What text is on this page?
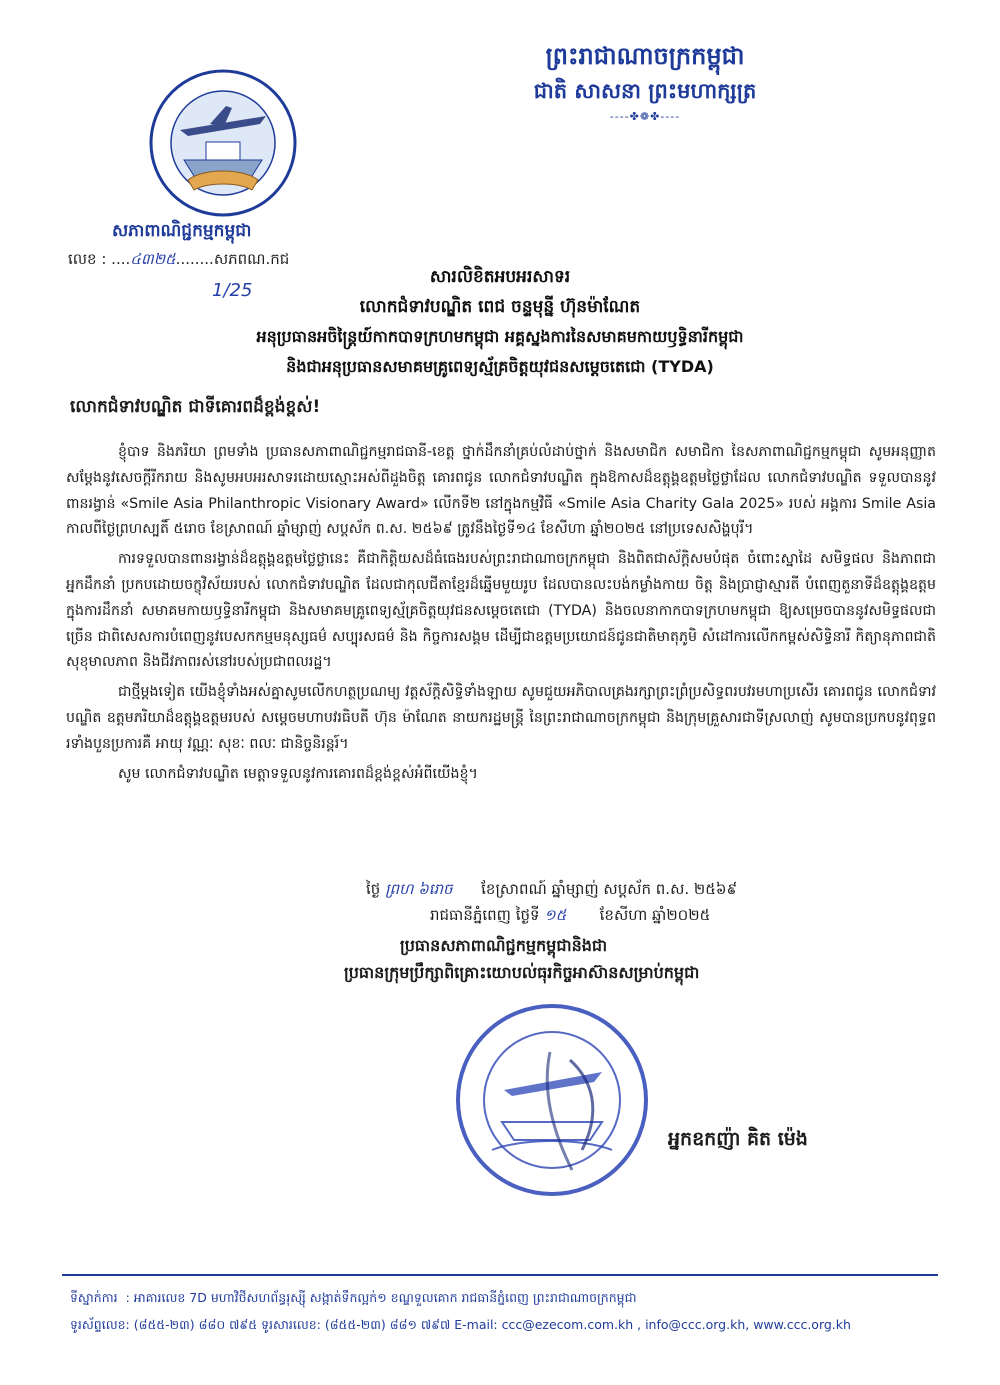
ព្រះរាជាណាចក្រកម្ពុជា
ជាតិ សាសនា ព្រះមហាក្សត្រ
----✤❁✤----
សភាពាណិជ្ជកម្មកម្ពុជា
លេខ : ....៤៣២៥........សភពណ.កជ
1/25
សារលិខិតអបអរសាទរ
លោកជំទាវបណ្ឌិត ពេជ ចន្ទមុន្នី ហ៊ុនម៉ាណែត
អនុប្រធានអចិន្ត្រៃយ៍កាកបាទក្រហមកម្ពុជា អគ្គស្នងការនៃសមាគមកាយឫទ្ធិនារីកម្ពុជា
និងជាអនុប្រធានសមាគមគ្រូពេទ្យស្ម័គ្រចិត្តយុវជនសម្តេចតេជោ (TYDA)
លោកជំទាវបណ្ឌិត ជាទីគោរពដ៏ខ្ពង់ខ្ពស់!

ខ្ញុំបាទ និងភរិយា ព្រមទាំង ប្រធានសភាពាណិជ្ជកម្មរាជធានី-ខេត្ត ថ្នាក់ដឹកនាំគ្រប់លំដាប់ថ្នាក់ និងសមាជិក សមាជិកា នៃសភាពាណិជ្ជកម្មកម្ពុជា សូមអនុញ្ញាតសម្តែងនូវសេចក្តីរីករាយ និងសូមអបអរសាទរដោយស្មោះអស់ពីដួងចិត្ត គោរពជូន លោកជំទាវបណ្ឌិត ក្នុងឱកាសដ៏ឧត្តុង្គឧត្តមថ្លៃថ្លាដែល លោកជំទាវបណ្ឌិត ទទួលបាននូវពានរង្វាន់ «Smile Asia Philanthropic Visionary Award» លើកទី២ នៅក្នុងកម្មវិធី «Smile Asia Charity Gala 2025» របស់ អង្គការ Smile Asia កាលពីថ្ងៃព្រហស្បតិ៍ ៥រោច ខែស្រាពណ៍ ឆ្នាំម្សាញ់ សប្តស័ក ព.ស. ២៥៦៩ ត្រូវនឹងថ្ងៃទី១៤ ខែសីហា ឆ្នាំ២០២៥ នៅប្រទេសសិង្ហបុរី។

ការទទួលបានពានរង្វាន់ដ៏ឧត្តុង្គឧត្តមថ្លៃថ្លានេះ គឺជាកិត្តិយសដ៏ធំធេងរបស់ព្រះរាជាណាចក្រកម្ពុជា និងពិតជាស័ក្តិសមបំផុត ចំពោះស្នាដៃ សមិទ្ធផល និងភាពជាអ្នកដឹកនាំ ប្រកបដោយចក្ខុវិស័យរបស់ លោកជំទាវបណ្ឌិត ដែលជាកុលជីតាខ្មែរដ៏ឆ្នើមមួយរូប ដែលបានលះបង់កម្លាំងកាយ ចិត្ត និងប្រាជ្ញាស្មារតី បំពេញតួនាទីដ៏ឧត្តុង្គឧត្តមក្នុងការដឹកនាំ សមាគមកាយឫទ្ធិនារីកម្ពុជា និងសមាគមគ្រូពេទ្យស្ម័គ្រចិត្តយុវជនសម្តេចតេជោ (TYDA) និងចលនាកាកបាទក្រហមកម្ពុជា ឱ្យសម្រេចបាននូវសមិទ្ធផលជាច្រើន ជាពិសេសការបំពេញនូវបេសកកម្មមនុស្សធម៌ សប្បុរសធម៌ និង កិច្ចការសង្គម ដើម្បីជាឧត្តមប្រយោជន៍ជូនជាតិមាតុភូមិ សំដៅការលើកកម្ពស់សិទ្ធិនារី កិត្យានុភាពជាតិ សុខុមាលភាព និងជីវភាពរស់នៅរបស់ប្រជាពលរដ្ឋ។

ជាថ្មីម្តងទៀត យើងខ្ញុំទាំងអស់គ្នាសូមលើកហត្ថប្រណម្យ វត្តស័ក្តិសិទ្ធិទាំងឡាយ សូមជួយអភិបាលគ្រងរក្សាព្រះព្រំប្រសិទ្ធពរបវរមហាប្រសើរ គោរពជូន លោកជំទាវបណ្ឌិត ឧត្តមភរិយាដ៏ឧត្តុង្គឧត្តមរបស់ សម្តេចមហាបវរធិបតី ហ៊ុន ម៉ាណែត នាយករដ្ឋមន្ត្រី នៃព្រះរាជាណាចក្រកម្ពុជា និងក្រុមគ្រួសារជាទីស្រលាញ់ សូមបានប្រកបនូវពុទ្ធពរទាំងបួនប្រការគឺ អាយុ វណ្ណៈ សុខៈ ពលៈ ជានិច្ចនិរន្តរ៍។

សូម លោកជំទាវបណ្ឌិត មេត្តាទទួលនូវការគោរពដ៏ខ្ពង់ខ្ពស់អំពីយើងខ្ញុំ។

ថ្ងៃ ព្រហ ៦រោច ខែស្រាពណ៍ ឆ្នាំម្សាញ់ សប្តស័ក ព.ស. ២៥៦៩
រាជធានីភ្នំពេញ ថ្ងៃទី ១៥ ខែសីហា ឆ្នាំ២០២៥
ប្រធានសភាពាណិជ្ជកម្មកម្ពុជានិងជា
ប្រធានក្រុមប្រឹក្សាពិគ្រោះយោបល់ធុរកិច្ចអាស៊ានសម្រាប់កម្ពុជា
អ្នកឧកញ៉ា គិត ម៉េង
ទីស្នាក់ការ : អាគារលេខ 7D មហាវិថីសហព័ន្ធរុស្ស៊ី សង្កាត់ទឹកល្អក់១ ខណ្ឌទួលគោក រាជធានីភ្នំពេញ ព្រះរាជាណាចក្រកម្ពុជា
ទូរស័ព្ទលេខ: (៨៥៥-២៣) ៨៨០ ៧៩៥ ទូរសារលេខ: (៨៥៥-២៣) ៨៨១ ៧៩៧ E-mail: ccc@ezecom.com.kh , info@ccc.org.kh, www.ccc.org.kh
